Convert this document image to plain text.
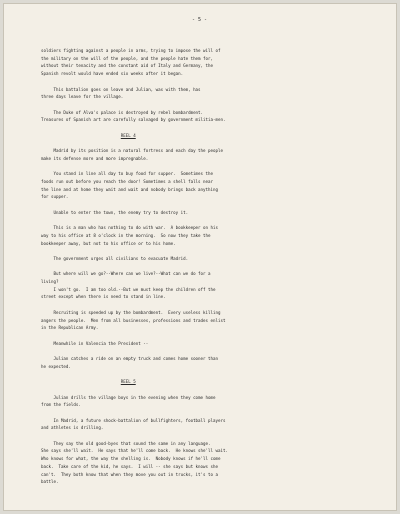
- 5 -

soldiers fighting against a people in arms, trying to impose the will of
the military on the will of the people, and the people hate them for,
without their tenacity and the constant aid of Italy and Germany, the
Spanish revolt would have ended six weeks after it began.
This battalion goes on leave and Julian, was with them, has
three days leave for the village.
The Duke of Alva's palace is destroyed by rebel bombardment.
Treasures of Spanish art are carefully salvaged by government militia-men.
REEL 4
Madrid by its position is a natural fortress and each day the people
make its defense more and more impregnable.
You stand in line all day to buy food for supper.  Sometimes the
foods run out before you reach the door! Sometimes a shell falls near
the line and at home they wait and wait and nobody brings back anything
for supper.
Unable to enter the town, the enemy try to destroy it.
This is a man who has nothing to do with war.  A bookkeeper on his
way to his office at 8 o'clock in the morning.  So now they take the
bookkeeper away, but not to his office or to his home.
The government urges all civilians to evacuate Madrid.
But where will we go?--Where can we live?--What can we do for a
living?
I won't go.  I am too old.--But we must keep the children off the
street except when there is need to stand in line.
Recruiting is speeded up by the bombardment.  Every useless killing
angers the people.  Men from all businesses, professions and trades enlist
in the Republican Army.
Meanwhile in Valencia the President --
Julian catches a ride on an empty truck and comes home sooner than
he expected.
REEL 5
Julian drills the village boys in the evening when they come home
from the fields.
In Madrid, a future shock-battalion of bullfighters, football players
and athletes is drilling.
They say the old good-byes that sound the same in any language.
She says she'll wait.  He says that he'll come back.  He knows she'll wait.
Who knows for what, the way the shelling is.  Nobody knows if he'll come
back.  Take care of the kid, he says.  I will -- she says but knows she
can't.  They both know that when they move you out in trucks, it's to a
battle.
